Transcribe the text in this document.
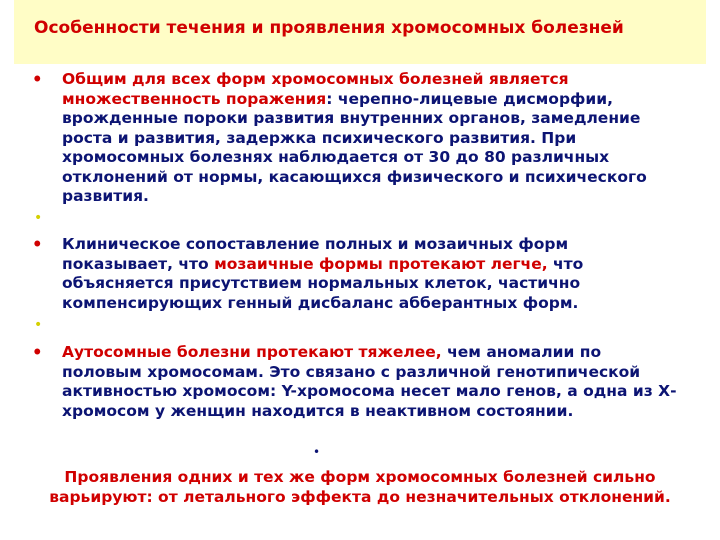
Особенности течения и проявления хромосомных болезней
• Общим для всех форм хромосомных болезней является множественность поражения: черепно-лицевые дисморфии, врожденные пороки развития внутренних органов, замедление роста и развития, задержка психического развития. При хромосомных болезнях наблюдается от 30 до 80 различных отклонений от нормы, касающихся физического и психического развития.

•
• Клиническое сопоставление полных и мозаичных форм показывает, что мозаичные формы протекают легче, что объясняется присутствием нормальных клеток, частично компенсирующих генный дисбаланс абберантных форм.

•
• Аутосомные болезни протекают тяжелее, чем аномалии по половым хромосомам. Это связано с различной генотипической активностью хромосом: Y-хромосома несет мало генов, а одна из Х-хромосом у женщин находится в неактивном состоянии.

•

Проявления одних и тех же форм хромосомных болезней сильно варьируют: от летального эффекта до незначительных отклонений.
